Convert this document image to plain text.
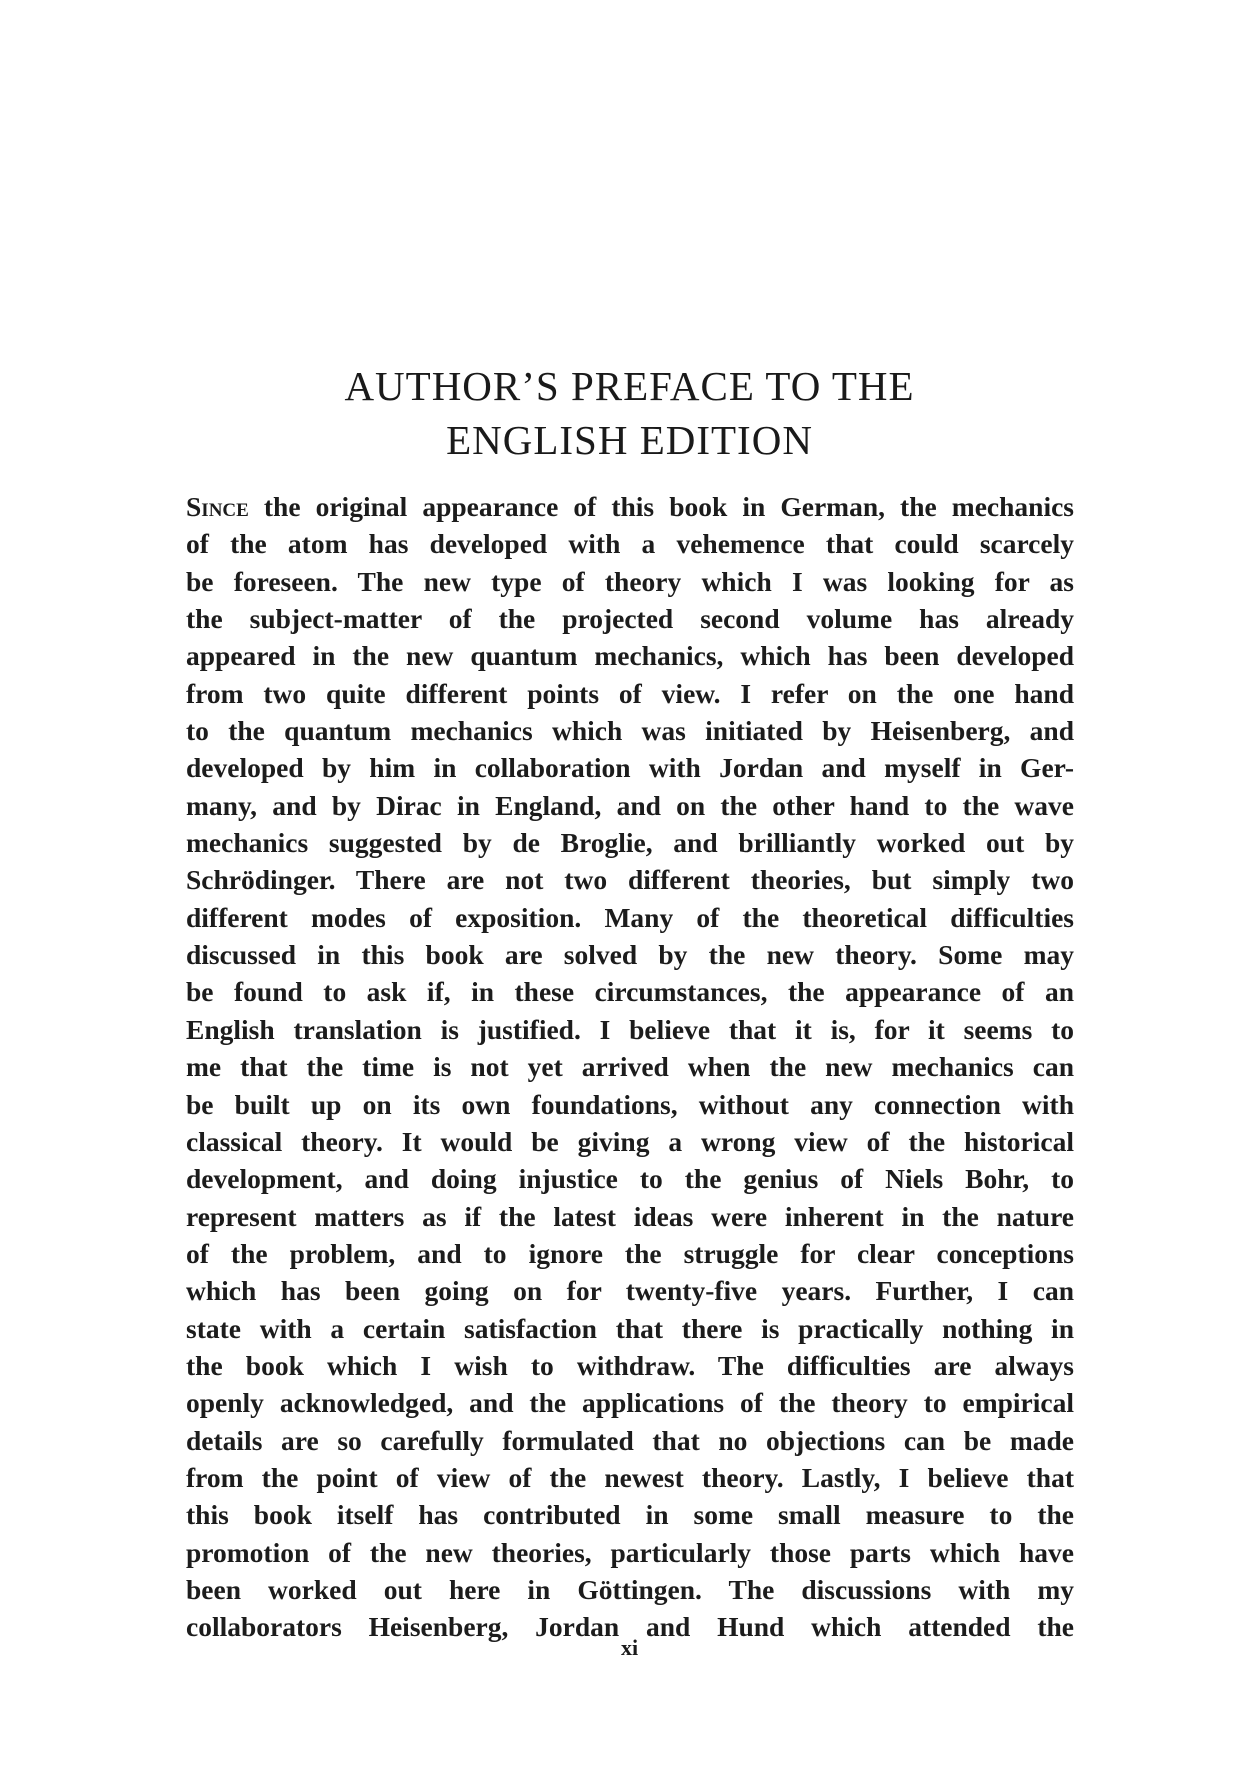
AUTHOR’S PREFACE TO THE
ENGLISH EDITION
Since the original appearance of this book in German, the mechanics
of the atom has developed with a vehemence that could scarcely
be foreseen. The new type of theory which I was looking for as
the subject-matter of the projected second volume has already
appeared in the new quantum mechanics, which has been developed
from two quite different points of view. I refer on the one hand
to the quantum mechanics which was initiated by Heisenberg, and
developed by him in collaboration with Jordan and myself in Ger-
many, and by Dirac in England, and on the other hand to the wave
mechanics suggested by de Broglie, and brilliantly worked out by
Schrödinger. There are not two different theories, but simply two
different modes of exposition. Many of the theoretical difficulties
discussed in this book are solved by the new theory. Some may
be found to ask if, in these circumstances, the appearance of an
English translation is justified. I believe that it is, for it seems to
me that the time is not yet arrived when the new mechanics can
be built up on its own foundations, without any connection with
classical theory. It would be giving a wrong view of the historical
development, and doing injustice to the genius of Niels Bohr, to
represent matters as if the latest ideas were inherent in the nature
of the problem, and to ignore the struggle for clear conceptions
which has been going on for twenty-five years. Further, I can
state with a certain satisfaction that there is practically nothing in
the book which I wish to withdraw. The difficulties are always
openly acknowledged, and the applications of the theory to empirical
details are so carefully formulated that no objections can be made
from the point of view of the newest theory. Lastly, I believe that
this book itself has contributed in some small measure to the
promotion of the new theories, particularly those parts which have
been worked out here in Göttingen. The discussions with my
collaborators Heisenberg, Jordan and Hund which attended the
xi
